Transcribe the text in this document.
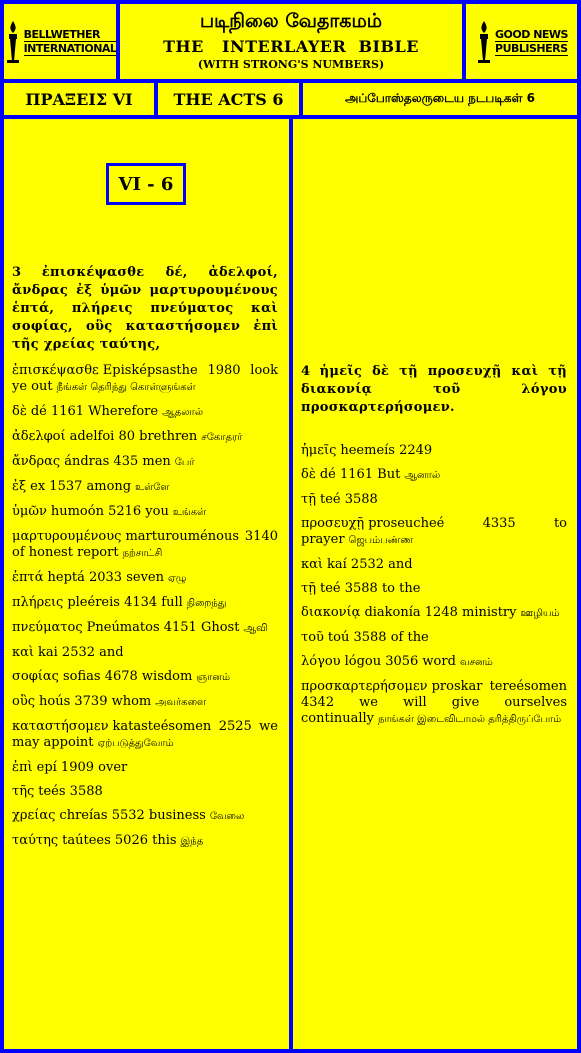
BELLWETHER
INTERNATIONAL
படிநிலை வேதாகமம்
THE   INTERLAYER  BIBLE
(WITH STRONG'S NUMBERS)
GOOD NEWS
PUBLISHERS
ΠΡΑΞΕΙΣ VI	THE ACTS 6	அப்போஸ்தலருடைய நடபடிகள் 6
VI - 6
3 ἐπισκέψασθε δέ, ἀδελφοί, ἄνδρας ἐξ ὑμῶν μαρτυρουμένους ἑπτά, πλήρεις πνεύματος καὶ σοφίας, οὓς καταστήσομεν ἐπὶ τῆς χρείας ταύτης,
ἐπισκέψασθε Episképsasthe 1980 look ye out நீங்கள் தெரிந்து கொள்ளுங்கள்
δὲ dé 1161 Wherefore ஆதலால்
ἀδελφοί adelfoi 80 brethren சகோதரர்
ἄνδρας ándras 435 men பேர்
ἐξ ex 1537 among உள்ளே
ὑμῶν humoón 5216 you உங்கள்
μαρτυρουμένους marturouménous 3140 of honest report நற்சாட்சி
ἑπτά heptá 2033 seven ஏழு
πλήρεις pleéreis 4134 full நிறைந்து
πνεύματος Pneúmatos 4151 Ghost ஆவி
καὶ kai 2532 and
σοφίας sofias 4678 wisdom ஞானம்
οὓς hoús 3739 whom அவர்களை
καταστήσομεν katasteésomen 2525 we may appoint ஏற்படுத்துவோம்
ἐπὶ epí 1909 over
τῆς teés 3588
χρείας chreías 5532 business வேலை
ταύτης taútees 5026 this இந்த
4 ἡμεῖς δὲ τῇ προσευχῇ καὶ τῇ διακονίᾳ τοῦ λόγου προσκαρτερήσομεν.
ἡμεῖς heemeís 2249
δὲ dé 1161 But ஆனால்
τῇ teé 3588
προσευχῇ proseucheé 4335 to prayer ஜெபம்பண்ண
καὶ kaí 2532 and
τῇ teé 3588 to the
διακονίᾳ diakonía 1248 ministry ஊழியம்
τοῦ toú 3588 of the
λόγου lógou 3056 word வசனம்
προσκαρτερήσομεν proskar tereésomen 4342 we will give ourselves continually நாங்கள் இடைவிடாமல் தரித்திருப்போம்
